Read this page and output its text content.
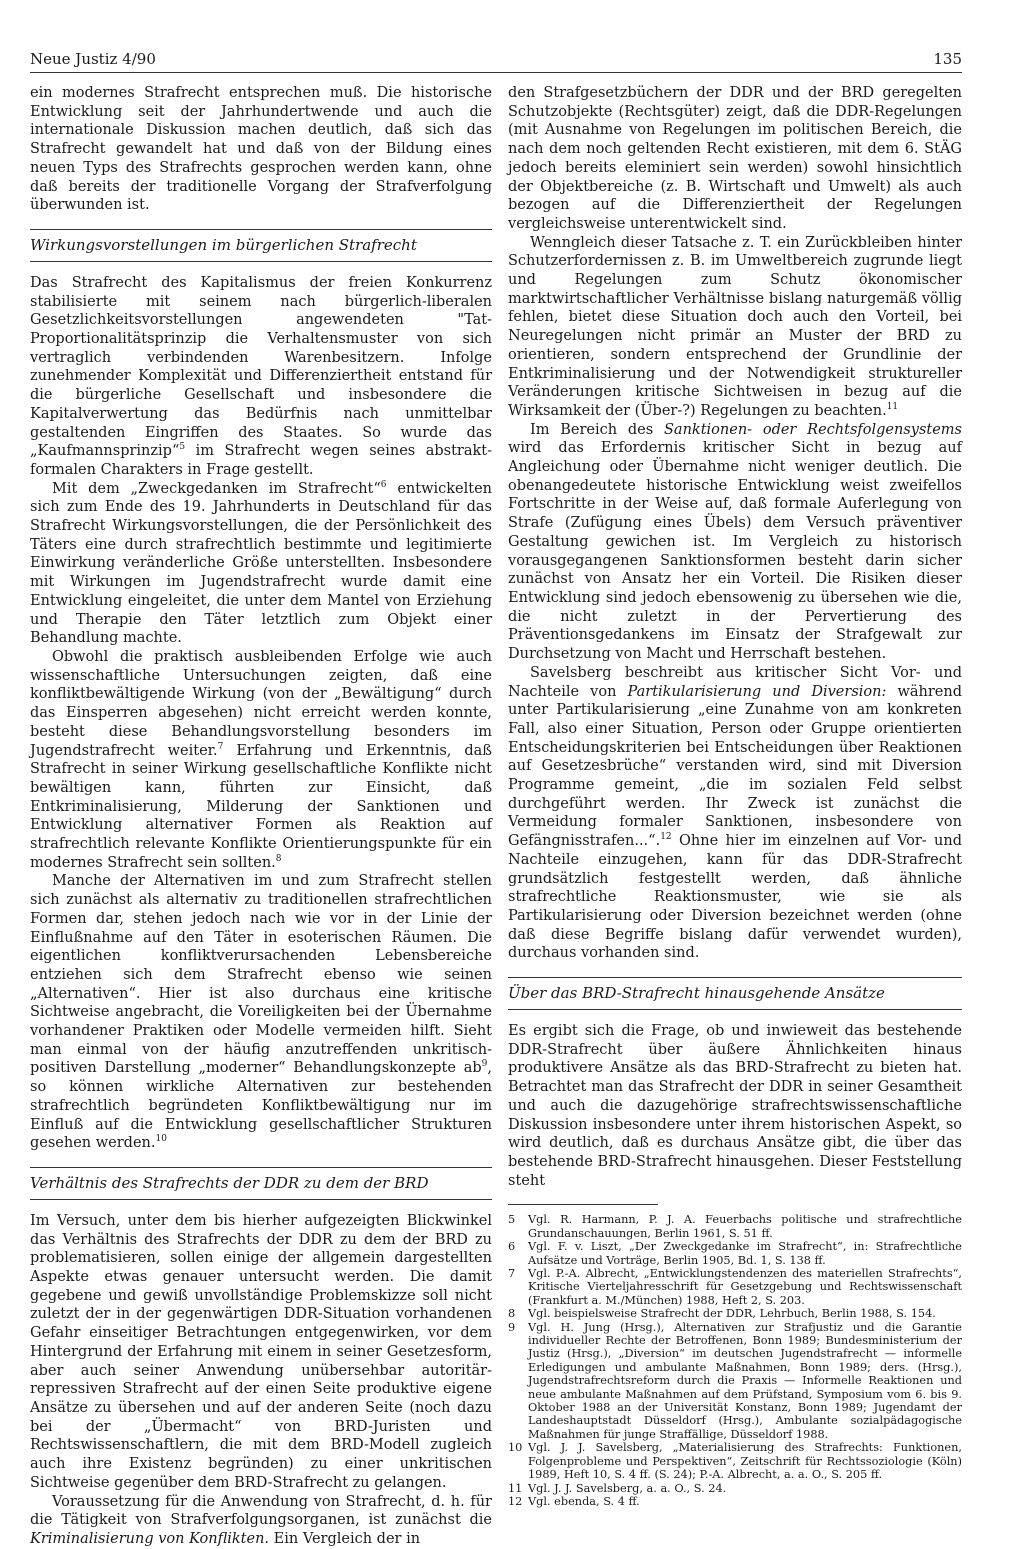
Neue Justiz 4/90	135

ein modernes Strafrecht entsprechen muß. Die historische Entwicklung seit der Jahrhundertwende und auch die internationale Diskussion machen deutlich, daß sich das Strafrecht gewandelt hat und daß von der Bildung eines neuen Typs des Strafrechts gesprochen werden kann, ohne daß bereits der traditionelle Vorgang der Strafverfolgung überwunden ist.

Wirkungsvorstellungen im bürgerlichen Strafrecht

Das Strafrecht des Kapitalismus der freien Konkurrenz stabilisierte mit seinem nach bürgerlich-liberalen Gesetzlichkeitsvorstellungen angewendeten "Tat-Proportionalitätsprinzip die Verhaltensmuster von sich vertraglich verbindenden Warenbesitzern. Infolge zunehmender Komplexität und Differenziertheit entstand für die bürgerliche Gesellschaft und insbesondere die Kapitalverwertung das Bedürfnis nach unmittelbar gestaltenden Eingriffen des Staates. So wurde das „Kaufmannsprinzip“$^5$ im Strafrecht wegen seines abstrakt-formalen Charakters in Frage gestellt.

Mit dem „Zweckgedanken im Strafrecht“$^6$ entwickelten sich zum Ende des 19. Jahrhunderts in Deutschland für das Strafrecht Wirkungsvorstellungen, die der Persönlichkeit des Täters eine durch strafrechtlich bestimmte und legitimierte Einwirkung veränderliche Größe unterstellten. Insbesondere mit Wirkungen im Jugendstrafrecht wurde damit eine Entwicklung eingeleitet, die unter dem Mantel von Erziehung und Therapie den Täter letztlich zum Objekt einer Behandlung machte.

Obwohl die praktisch ausbleibenden Erfolge wie auch wissenschaftliche Untersuchungen zeigten, daß eine konfliktbewältigende Wirkung (von der „Bewältigung“ durch das Einsperren abgesehen) nicht erreicht werden konnte, besteht diese Behandlungsvorstellung besonders im Jugendstrafrecht weiter.$^7$ Erfahrung und Erkenntnis, daß Strafrecht in seiner Wirkung gesellschaftliche Konflikte nicht bewältigen kann, führten zur Einsicht, daß Entkriminalisierung, Milderung der Sanktionen und Entwicklung alternativer Formen als Reaktion auf strafrechtlich relevante Konflikte Orientierungspunkte für ein modernes Strafrecht sein sollten.$^8$

Manche der Alternativen im und zum Strafrecht stellen sich zunächst als alternativ zu traditionellen strafrechtlichen Formen dar, stehen jedoch nach wie vor in der Linie der Einflußnahme auf den Täter in esoterischen Räumen. Die eigentlichen konfliktverursachenden Lebensbereiche entziehen sich dem Strafrecht ebenso wie seinen „Alternativen“. Hier ist also durchaus eine kritische Sichtweise angebracht, die Voreiligkeiten bei der Übernahme vorhandener Praktiken oder Modelle vermeiden hilft. Sieht man einmal von der häufig anzutreffenden unkritisch-positiven Darstellung „moderner“ Behandlungskonzepte $ab^9$, so können wirkliche Alternativen zur bestehenden strafrechtlich begründeten Konfliktbewältigung nur im Einfluß auf die Entwicklung gesellschaftlicher Strukturen gesehen werden.$^{10}$

Verhältnis des Strafrechts der DDR zu dem der BRD

Im Versuch, unter dem bis hierher aufgezeigten Blickwinkel das Verhältnis des Strafrechts der DDR zu dem der BRD zu problematisieren, sollen einige der allgemein dargestellten Aspekte etwas genauer untersucht werden. Die damit gegebene und gewiß unvollständige Problemskizze soll nicht zuletzt der in der gegenwärtigen DDR-Situation vorhandenen Gefahr einseitiger Betrachtungen entgegenwirken, vor dem Hintergrund der Erfahrung mit einem in seiner Gesetzesform, aber auch seiner Anwendung unübersehbar autoritär-repressiven Strafrecht auf der einen Seite produktive eigene Ansätze zu übersehen und auf der anderen Seite (noch dazu bei der „Übermacht“ von BRD-Juristen und Rechtswissenschaftlern, die mit dem BRD-Modell zugleich auch ihre Existenz begründen) zu einer unkritischen Sichtweise gegenüber dem BRD-Strafrecht zu gelangen.

Voraussetzung für die Anwendung von Strafrecht, d. h. für die Tätigkeit von Strafverfolgungsorganen, ist zunächst die Kriminalisierung von Konflikten. Ein Vergleich der in

den Strafgesetzbüchern der DDR und der BRD geregelten Schutzobjekte (Rechtsgüter) zeigt, daß die DDR-Regelungen (mit Ausnahme von Regelungen im politischen Bereich, die nach dem noch geltenden Recht existieren, mit dem 6. StÄG jedoch bereits eleminiert sein werden) sowohl hinsichtlich der Objektbereiche (z. B. Wirtschaft und Umwelt) als auch bezogen auf die Differenziertheit der Regelungen vergleichsweise unterentwickelt sind.

Wenngleich dieser Tatsache z. T. ein Zurückbleiben hinter Schutzerfordernissen z. B. im Umweltbereich zugrunde liegt und Regelungen zum Schutz ökonomischer marktwirtschaftlicher Verhältnisse bislang naturgemäß völlig fehlen, bietet diese Situation doch auch den Vorteil, bei Neuregelungen nicht primär an Muster der BRD zu orientieren, sondern entsprechend der Grundlinie der Entkriminalisierung und der Notwendigkeit struktureller Veränderungen kritische Sichtweisen in bezug auf die Wirksamkeit der (Über-?) Regelungen zu beachten.$^{11}$

Im Bereich des Sanktionen- oder Rechtsfolgensystems wird das Erfordernis kritischer Sicht in bezug auf Angleichung oder Übernahme nicht weniger deutlich. Die obenangedeutete historische Entwicklung weist zweifellos Fortschritte in der Weise auf, daß formale Auferlegung von Strafe (Zufügung eines Übels) dem Versuch präventiver Gestaltung gewichen ist. Im Vergleich zu historisch vorausgegangenen Sanktionsformen besteht darin sicher zunächst von Ansatz her ein Vorteil. Die Risiken dieser Entwicklung sind jedoch ebensowenig zu übersehen wie die, die nicht zuletzt in der Pervertierung des Präventionsgedankens im Einsatz der Strafgewalt zur Durchsetzung von Macht und Herrschaft bestehen.

Savelsberg beschreibt aus kritischer Sicht Vor- und Nachteile von Partikularisierung und Diversion: während unter Partikularisierung „eine Zunahme von am konkreten Fall, also einer Situation, Person oder Gruppe orientierten Entscheidungskriterien bei Entscheidungen über Reaktionen auf Gesetzesbrüche“ verstanden wird, sind mit Diversion Programme gemeint, „die im sozialen Feld selbst durchgeführt werden. Ihr Zweck ist zunächst die Vermeidung formaler Sanktionen, insbesondere von Gefängnisstrafen...“.$^{12}$ Ohne hier im einzelnen auf Vor- und Nachteile einzugehen, kann für das DDR-Strafrecht grundsätzlich festgestellt werden, daß ähnliche strafrechtliche Reaktionsmuster, wie sie als Partikularisierung oder Diversion bezeichnet werden (ohne daß diese Begriffe bislang dafür verwendet wurden), durchaus vorhanden sind.

Über das BRD-Strafrecht hinausgehende Ansätze

Es ergibt sich die Frage, ob und inwieweit das bestehende DDR-Strafrecht über äußere Ähnlichkeiten hinaus produktivere Ansätze als das BRD-Strafrecht zu bieten hat. Betrachtet man das Strafrecht der DDR in seiner Gesamtheit und auch die dazugehörige strafrechtswissenschaftliche Diskussion insbesondere unter ihrem historischen Aspekt, so wird deutlich, daß es durchaus Ansätze gibt, die über das bestehende BRD-Strafrecht hinausgehen. Dieser Feststellung steht

5	Vgl. R. Harmann, P. J. A. Feuerbachs politische und strafrechtliche Grundanschauungen, Berlin 1961, S. 51 ff.
6	Vgl. F. v. Liszt, „Der Zweckgedanke im Strafrecht“, in: Strafrechtliche Aufsätze und Vorträge, Berlin 1905, Bd. 1, S. 138 ff.
7	Vgl. P.-A. Albrecht, „Entwicklungstendenzen des materiellen Strafrechts“, Kritische Vierteljahresschrift für Gesetzgebung und Rechtswissenschaft (Frankfurt a. M./München) 1988, Heft 2, S. 203.
8	Vgl. beispielsweise Strafrecht der DDR, Lehrbuch, Berlin 1988, S. 154.
9	Vgl. H. Jung (Hrsg.), Alternativen zur Strafjustiz und die Garantie individueller Rechte der Betroffenen, Bonn 1989; Bundesministerium der Justiz (Hrsg.), „Diversion“ im deutschen Jugendstrafrecht — informelle Erledigungen und ambulante Maßnahmen, Bonn 1989; ders. (Hrsg.), Jugendstrafrechtsreform durch die Praxis — Informelle Reaktionen und neue ambulante Maßnahmen auf dem Prüfstand, Symposium vom 6. bis 9. Oktober 1988 an der Universität Konstanz, Bonn 1989; Jugendamt der Landeshauptstadt Düsseldorf (Hrsg.), Ambulante sozialpädagogische Maßnahmen für junge Straffällige, Düsseldorf 1988.
10 Vgl. J. J. Savelsberg, „Materialisierung des Strafrechts: Funktionen, Folgenprobleme und Perspektiven“, Zeitschrift für Rechtssoziologie (Köln) 1989, Heft 10, S. 4 ff. (S. 24); P.-A. Albrecht, a. a. O., S. 205 ff.
11 Vgl. J. J. Savelsberg, a. a. O., S. 24.
12 Vgl. ebenda, S. 4 ff.
